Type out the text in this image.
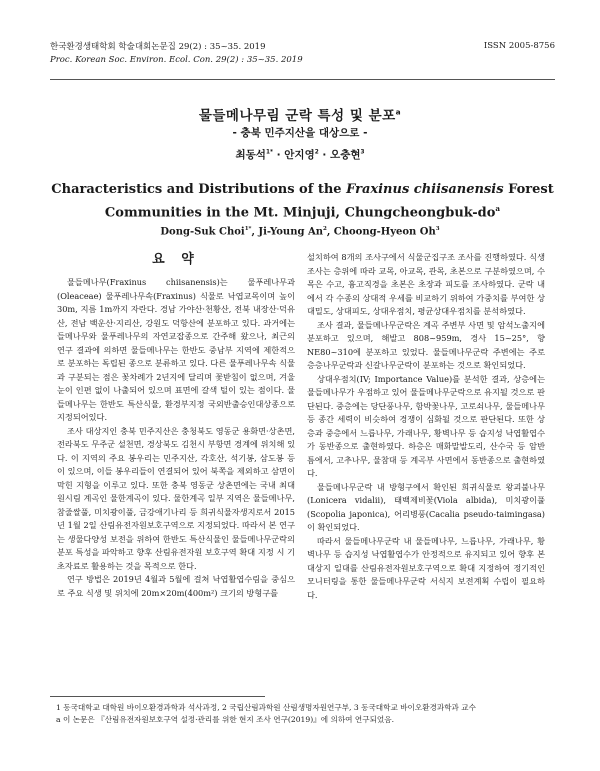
한국환경생태학회 학술대회논문집 29(2) : 35~35. 2019
Proc. Korean Soc. Environ. Ecol. Con. 29(2) : 35~35. 2019
ISSN 2005-8756
물들메나무림 군락 특성 및 분포$^a$
- 충북 민주지산을 대상으로 -
최동석$^{1*}$ · 안지영$^2$ · 오충현$^3$
Characteristics and Distributions of the Fraxinus chiisanensis Forest Communities in the Mt. Minjuji, Chungcheongbuk-$do^a$
Dong-Suk Choi$^{1*}$, Ji-Young An$^2$, Choong-Hyeon Oh$^3$
요 약

물들메나무(Fraxinus chiisanensis)는 물푸레나무과(Oleaceae) 물푸레나무속(Fraxinus) 식물로 낙엽교목이며 높이 30m, 지름 1m까지 자란다. 경남 가야산·천황산, 전북 내장산·덕유산, 전남 백운산·지리산, 강원도 덕항산에 분포하고 있다. 과거에는 들메나무와 물푸레나무의 자연교잡종으로 간주해 왔으나, 최근의 연구 결과에 의하면 물들메나무는 한반도 중남부 지역에 제한적으로 분포하는 독립된 종으로 분류하고 있다. 다른 물푸레나무속 식물과 구분되는 점은 꽃차례가 2년지에 달리며 꽃받침이 없으며, 겨울눈이 인편 없이 나출되어 있으며 표면에 갈색 털이 있는 점이다. 물들메나무는 한반도 특산식물, 환경부지정 국외반출승인대상종으로 지정되어있다.

조사 대상지인 충북 민주지산은 충청북도 영동군 용화면·상촌면, 전라북도 무주군 설천면, 경상북도 김천시 부항면 경계에 위치해 있다. 이 지역의 주요 봉우리는 민주지산, 각호산, 석기봉, 삼도봉 등이 있으며, 이들 봉우리들이 연결되어 있어 북쪽을 제외하고 삼면이 막힌 지형을 이루고 있다. 또한 충북 영동군 상촌면에는 국내 최대 원시림 계곡인 물한계곡이 있다. 물한계곡 일부 지역은 물들메나무, 참줄쌀풀, 미치광이풀, 금강애기나리 등 희귀식물자생지로서 2015년 1월 2일 산림유전자원보호구역으로 지정되었다. 따라서 본 연구는 생물다양성 보전을 위하여 한반도 특산식물인 물들메나무군락의 분포 특성을 파악하고 향후 산림유전자원 보호구역 확대 지정 시 기초자료로 활용하는 것을 목적으로 한다.

연구 방법은 2019년 4월과 5월에 걸쳐 낙엽활엽수림을 중심으로 주요 식생 및 위치에 20m×20m(400m²) 크기의 방형구를

설치하여 8개의 조사구에서 식물군집구조 조사를 진행하였다. 식생조사는 층위에 따라 교목, 아교목, 관목, 초본으로 구분하였으며, 수목은 수고, 흉고직경을 초본은 초장과 피도를 조사하였다. 군락 내에서 각 수종의 상대적 우세를 비교하기 위하여 가중치를 부여한 상대밀도, 상대피도, 상대우점치, 평균상대우점치를 분석하였다.

조사 결과, 물들메나무군락은 계곡 주변부 사면 및 암석노출지에 분포하고 있으며, 해발고 808~959m, 경사 15~25°, 향 NE80~310에 분포하고 있었다. 물들메나무군락 주변에는 주로 층층나무군락과 신갈나무군락이 분포하는 것으로 확인되었다.

상대우점치(IV; Importance Value)를 분석한 결과, 상층에는 물들메나무가 우점하고 있어 물들메나무군락으로 유지될 것으로 판단된다. 중층에는 당단풍나무, 함박꽃나무, 고로쇠나무, 물들메나무 등 종간 세력이 비슷하여 경쟁이 심화될 것으로 판단된다. 또한 상층과 중층에서 느릅나무, 가래나무, 황벽나무 등 습지성 낙엽활엽수가 동반종으로 출현하였다. 하층은 매화말발도리, 산수국 등 암반 틈에서, 고추나무, 물참대 등 계곡부 사면에서 동반종으로 출현하였다.

물들메나무군락 내 방형구에서 확인된 희귀식물로 왕괴불나무(Lonicera vidalii), 태백제비꽃(Viola albida), 미치광이풀(Scopolia japonica), 어리병풍(Cacalia pseudo-taimingasa)이 확인되었다.

따라서 물들메나무군락 내 물들메나무, 느릅나무, 가래나무, 황벽나무 등 습지성 낙엽활엽수가 안정적으로 유지되고 있어 향후 본 대상지 일대를 산림유전자원보호구역으로 확대 지정하여 정기적인 모니터링을 통한 물들메나무군락 서식지 보전계획 수립이 필요하다.

1 동국대학교 대학원 바이오환경과학과 석사과정, 2 국립산림과학원 산림생명자원연구부, 3 동국대학교 바이오환경과학과 교수
a 이 논문은 『산림유전자원보호구역 설정·관리를 위한 현지 조사 연구(2019)』에 의하여 연구되었음.
